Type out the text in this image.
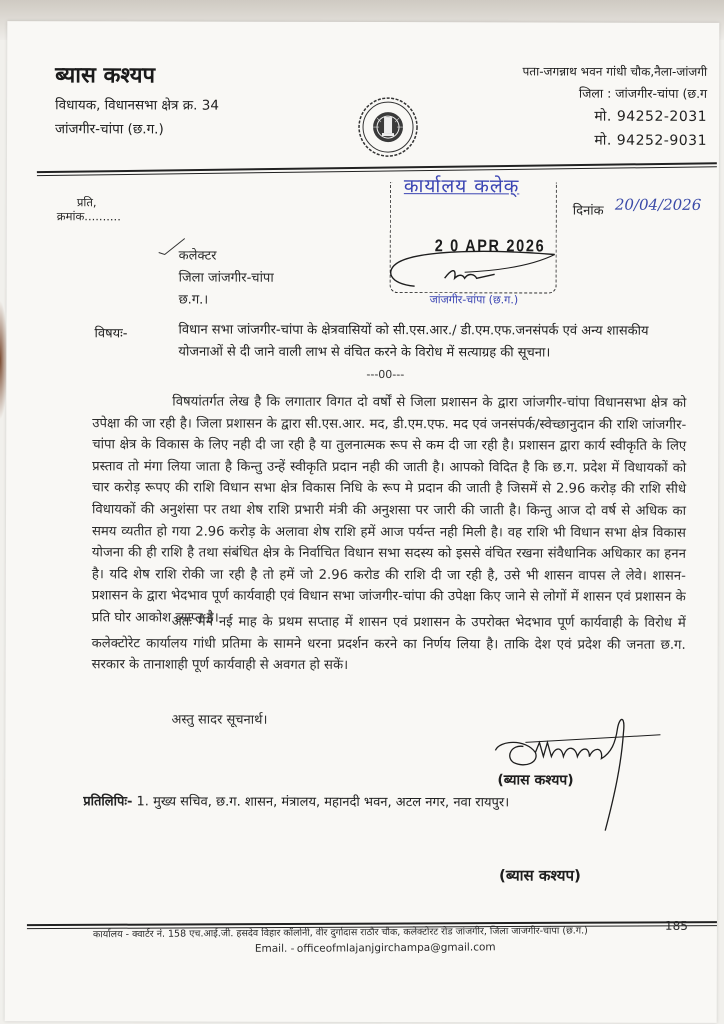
ब्यास कश्यप
विधायक, विधानसभा क्षेत्र क्र. 34
जांजगीर-चांपा (छ.ग.)
पता-जगन्नाथ भवन गांधी चौक,नैला-जांजगी
जिला : जांजगीर-चांपा (छ.ग
मो. 94252-2031
मो. 94252-9031
कार्यालय कलेक्
2 0 APR 2026
जांजगीर-चांपा (छ.ग.)
प्रति,
क्रमांक..........	दिनांक 20/04/2026
कलेक्टर
जिला जांजगीर-चांपा
छ.ग.।
विषयः-	विधान सभा जांजगीर-चांपा के क्षेत्रवासियों को सी.एस.आर./ डी.एम.एफ.जनसंपर्क एवं अन्य शासकीय योजनाओं से दी जाने वाली लाभ से वंचित करने के विरोध में सत्याग्रह की सूचना।
---00---
विषयांतर्गत लेख है कि लगातार विगत दो वर्षों से जिला प्रशासन के द्वारा जांजगीर-चांपा विधानसभा क्षेत्र को उपेक्षा की जा रही है। जिला प्रशासन के द्वारा सी.एस.आर. मद, डी.एम.एफ. मद एवं जनसंपर्क/स्वेच्छानुदान की राशि जांजगीर-चांपा क्षेत्र के विकास के लिए नही दी जा रही है या तुलनात्मक रूप से कम दी जा रही है। प्रशासन द्वारा कार्य स्वीकृति के लिए प्रस्ताव तो मंगा लिया जाता है किन्तु उन्हें स्वीकृति प्रदान नही की जाती है। आपको विदित है कि छ.ग. प्रदेश में विधायकों को चार करोड़ रूपए की राशि विधान सभा क्षेत्र विकास निधि के रूप मे प्रदान की जाती है जिसमें से 2.96 करोड़ की राशि सीधे विधायकों की अनुशंसा पर तथा शेष राशि प्रभारी मंत्री की अनुशसा पर जारी की जाती है। किन्तु आज दो वर्ष से अधिक का समय व्यतीत हो गया 2.96 करोड़ के अलावा शेष राशि हमें आज पर्यन्त नही मिली है। वह राशि भी विधान सभा क्षेत्र विकास योजना की ही राशि है तथा संबंधित क्षेत्र के निर्वाचित विधान सभा सदस्य को इससे वंचित रखना संवैधानिक अधिकार का हनन है। यदि शेष राशि रोकी जा रही है तो हमें जो 2.96 करोड की राशि दी जा रही है, उसे भी शासन वापस ले लेवे। शासन-प्रशासन के द्वारा भेदभाव पूर्ण कार्यवाही एवं विधान सभा जांजगीर-चांपा की उपेक्षा किए जाने से लोगों में शासन एवं प्रशासन के प्रति घोर आकोश व्याप्त है।
अतः मैंने नई माह के प्रथम सप्ताह में शासन एवं प्रशासन के उपरोक्त भेदभाव पूर्ण कार्यवाही के विरोध में कलेक्टोरेट कार्यालय गांधी प्रतिमा के सामने धरना प्रदर्शन करने का निर्णय लिया है। ताकि देश एवं प्रदेश की जनता छ.ग. सरकार के तानाशाही पूर्ण कार्यवाही से अवगत हो सकें।
अस्तु सादर सूचनार्थ।
(ब्यास कश्यप)
प्रतिलिपिः- 1. मुख्य सचिव, छ.ग. शासन, मंत्रालय, महानदी भवन, अटल नगर, नवा रायपुर।
(ब्यास कश्यप)
185
कार्यालय - क्वार्टर नं. 158 एच.आई.जी. हसदेव विहार कॉलोनी, वीर दुर्गादास राठौर चौक, कलेक्टोरट रोड जांजगीर, जिला जांजगीर-चांपा (छ.ग.)
Email. - officeofmlajanjgirchampa@gmail.com
